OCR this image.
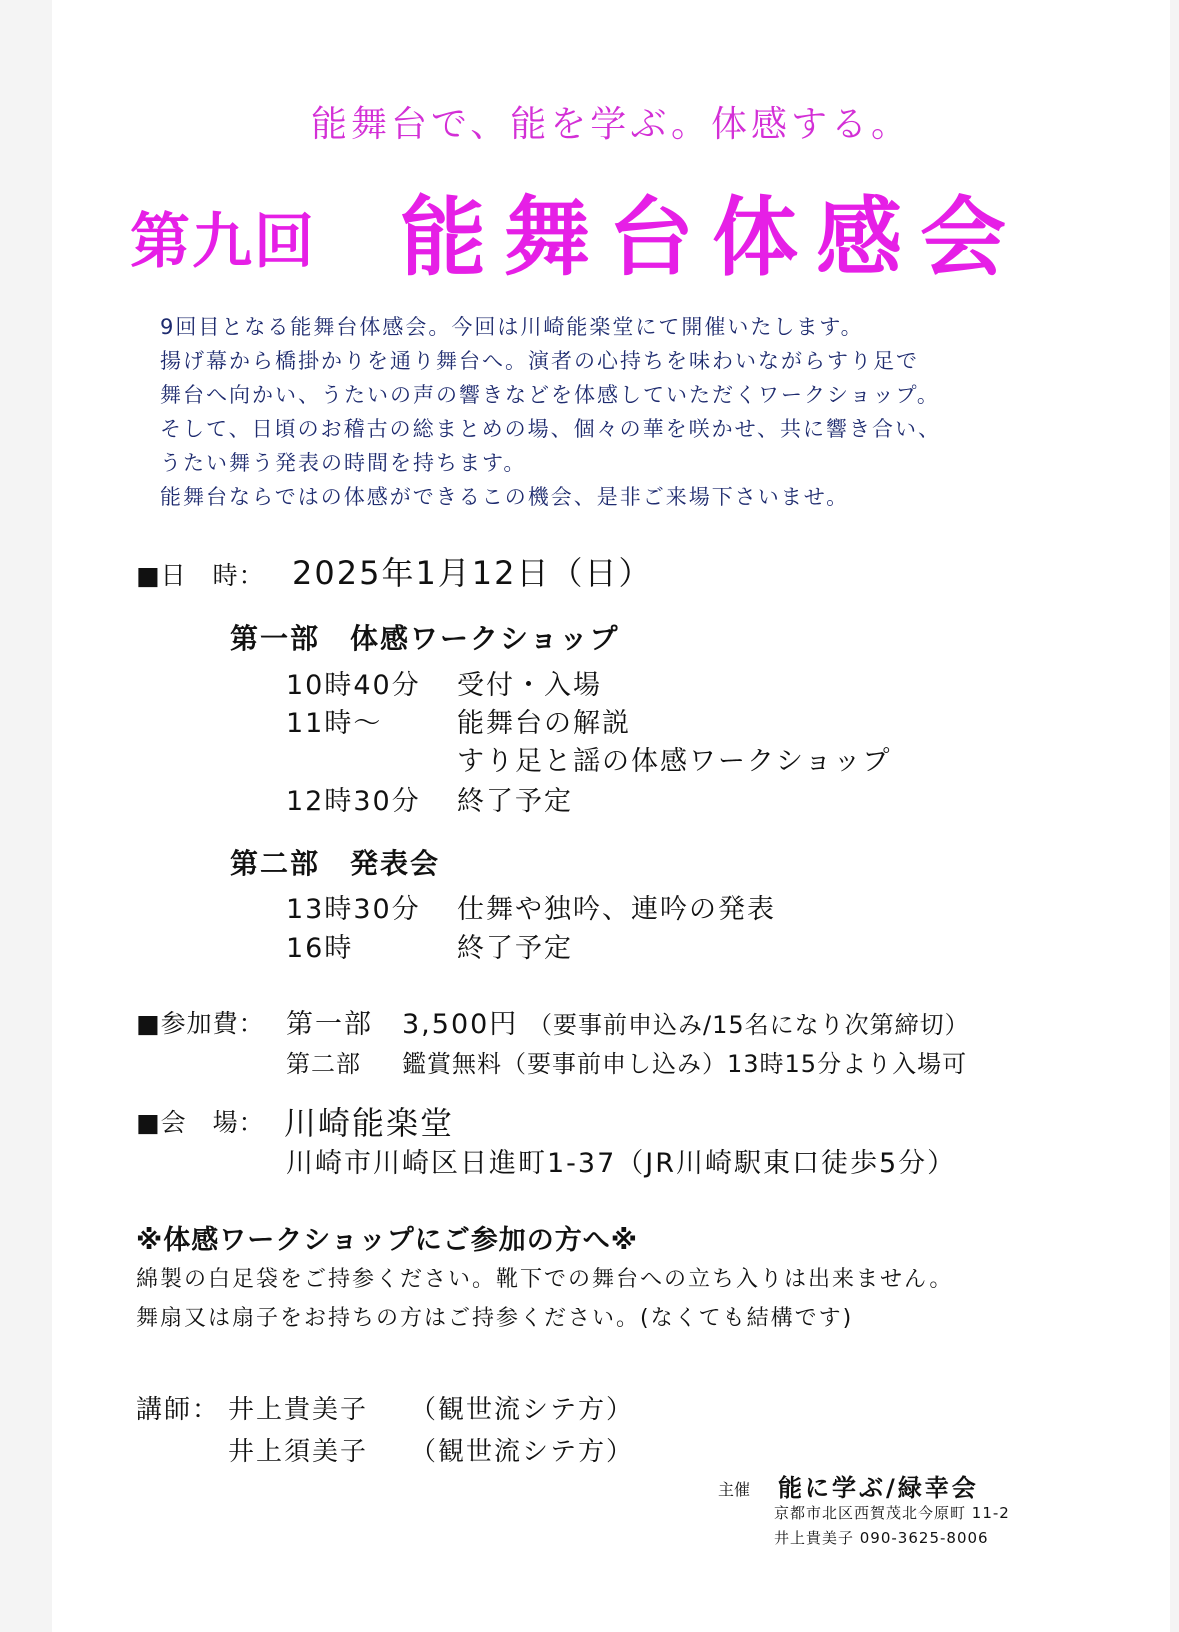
能舞台で、能を学ぶ。体感する。
第九回 能舞台体感会
9回目となる能舞台体感会。今回は川崎能楽堂にて開催いたします。
揚げ幕から橋掛かりを通り舞台へ。演者の心持ちを味わいながらすり足で
舞台へ向かい、うたいの声の響きなどを体感していただくワークショップ。
そして、日頃のお稽古の総まとめの場、個々の華を咲かせ、共に響き合い、
うたい舞う発表の時間を持ちます。
能舞台ならではの体感ができるこの機会、是非ご来場下さいませ。
■日　時： 2025年1月12日（日）
第一部　体感ワークショップ
10時40分 受付・入場
11時～	能舞台の解説
すり足と謡の体感ワークショップ
12時30分 終了予定
第二部　発表会
13時30分 仕舞や独吟、連吟の発表
16時	終了予定
■参加費： 第一部 3,500円 （要事前申込み/15名になり次第締切）
第二部 鑑賞無料（要事前申し込み）13時15分より入場可
■会　場： 川崎能楽堂
川崎市川崎区日進町1-37（JR川崎駅東口徒歩5分）
※体感ワークショップにご参加の方へ※
綿製の白足袋をご持参ください。靴下での舞台への立ち入りは出来ません。
舞扇又は扇子をお持ちの方はご持参ください。(なくても結構です)
講師： 井上貴美子 （観世流シテ方）
井上須美子 （観世流シテ方）
主催 能に学ぶ/緑幸会
京都市北区西賀茂北今原町 11-2
井上貴美子 090-3625-8006
